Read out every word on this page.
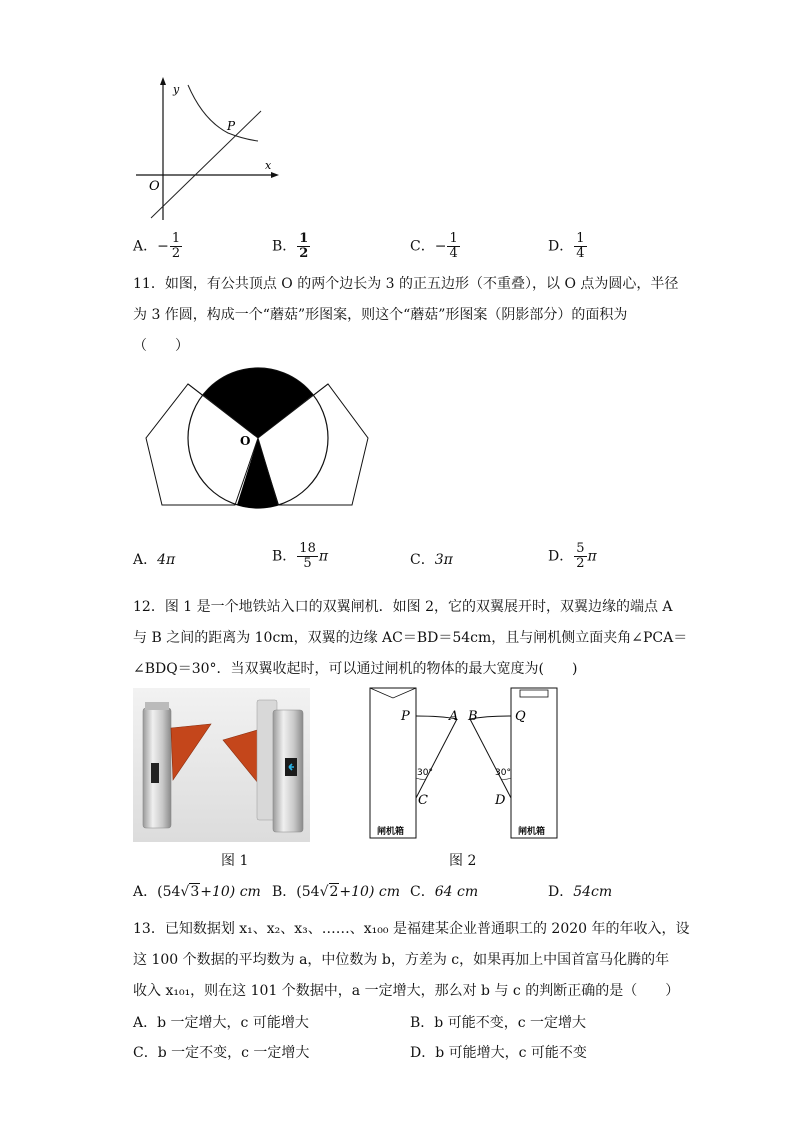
y
x
O
P
A．− $\frac{1}{2}$	B． $\frac{1}{2}$	C．− $\frac{1}{4}$	D． $\frac{1}{4}$
11．如图，有公共顶点 O 的两个边长为 3 的正五边形（不重叠），以 O 点为圆心，半径
为 3 作圆，构成一个“蘑菇”形图案，则这个“蘑菇”形图案（阴影部分）的面积为
（　　）
O
A．4π	B． $\frac{18}{5}$ π	C．3π	D． $\frac{5}{2}$ π
12．图 1 是一个地铁站入口的双翼闸机．如图 2，它的双翼展开时，双翼边缘的端点 A
与 B 之间的距离为 10cm，双翼的边缘 AC＝BD＝54cm，且与闸机侧立面夹角∠PCA＝
∠BDQ＝30°．当双翼收起时，可以通过闸机的物体的最大宽度为(　　)
图 1
P	A B	Q
C	D
30°	30°
闸机箱	闸机箱
图 2
A．(54√3+10) cm B．(54√2+10) cm C．64 cm	D．54cm
13．已知数据划 x₁、x₂、x₃、……、x₁₀₀ 是福建某企业普通职工的 2020 年的年收入，设
这 100 个数据的平均数为 a，中位数为 b，方差为 c，如果再加上中国首富马化腾的年
收入 x₁₀₁，则在这 101 个数据中，a 一定增大，那么对 b 与 c 的判断正确的是（　　）
A．b 一定增大，c 可能增大	B．b 可能不变，c 一定增大
C．b 一定不变，c 一定增大	D．b 可能增大，c 可能不变
